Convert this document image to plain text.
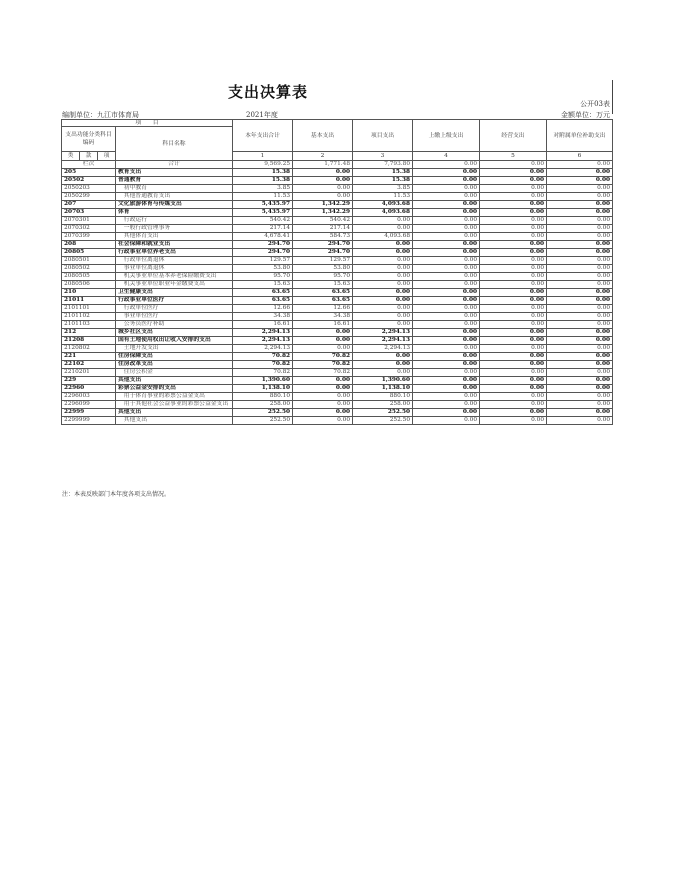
支出决算表
公开03表
编制单位：九江市体育局	2021年度	金额单位：万元
项　　目				本年支出合计	基本支出	项目支出	上缴上级支出	经营支出	对附属单位补助支出
支出功能分类科目编码			科目名称						
类	款	项							
				1	2	3	4	5	6
栏次			合计	9,569.25	1,771.48	7,793.80	0.00	0.00	0.00
205			教育支出	15.38	0.00	15.38	0.00	0.00	0.00
20502			普通教育	15.38	0.00	15.38	0.00	0.00	0.00
2050203			　初中教育	3.85	0.00	3.85	0.00	0.00	0.00
2050299			　其他普通教育支出	11.53	0.00	11.53	0.00	0.00	0.00
207			文化旅游体育与传媒支出	5,435.97	1,342.29	4,093.68	0.00	0.00	0.00
20703			体育	5,435.97	1,342.29	4,093.68	0.00	0.00	0.00
2070301			　行政运行	540.42	540.42	0.00	0.00	0.00	0.00
2070302			　一般行政管理事务	217.14	217.14	0.00	0.00	0.00	0.00
2070399			　其他体育支出	4,678.41	584.73	4,093.68	0.00	0.00	0.00
208			社会保障和就业支出	294.70	294.70	0.00	0.00	0.00	0.00
20805			行政事业单位养老支出	294.70	294.70	0.00	0.00	0.00	0.00
2080501			　行政单位离退休	129.57	129.57	0.00	0.00	0.00	0.00
2080502			　事业单位离退休	53.80	53.80	0.00	0.00	0.00	0.00
2080505			　机关事业单位基本养老保险缴费支出	95.70	95.70	0.00	0.00	0.00	0.00
2080506			　机关事业单位职业年金缴费支出	15.63	15.63	0.00	0.00	0.00	0.00
210			卫生健康支出	63.65	63.65	0.00	0.00	0.00	0.00
21011			行政事业单位医疗	63.65	63.65	0.00	0.00	0.00	0.00
2101101			　行政单位医疗	12.66	12.66	0.00	0.00	0.00	0.00
2101102			　事业单位医疗	34.38	34.38	0.00	0.00	0.00	0.00
2101103			　公务员医疗补助	16.61	16.61	0.00	0.00	0.00	0.00
212			城乡社区支出	2,294.13	0.00	2,294.13	0.00	0.00	0.00
21208			国有土地使用权出让收入安排的支出	2,294.13	0.00	2,294.13	0.00	0.00	0.00
2120802			　土地开发支出	2,294.13	0.00	2,294.13	0.00	0.00	0.00
221			住房保障支出	70.82	70.82	0.00	0.00	0.00	0.00
22102			住房改革支出	70.82	70.82	0.00	0.00	0.00	0.00
2210201			　住房公积金	70.82	70.82	0.00	0.00	0.00	0.00
229			其他支出	1,390.60	0.00	1,390.60	0.00	0.00	0.00
22960			彩票公益金安排的支出	1,138.10	0.00	1,138.10	0.00	0.00	0.00
2296003			　用于体育事业的彩票公益金支出	880.10	0.00	880.10	0.00	0.00	0.00
2296099			　用于其他社会公益事业的彩票公益金支出	258.00	0.00	258.00	0.00	0.00	0.00
22999			其他支出	252.50	0.00	252.50	0.00	0.00	0.00
2299999			　其他支出	252.50	0.00	252.50	0.00	0.00	0.00
注：本表反映部门本年度各项支出情况。
